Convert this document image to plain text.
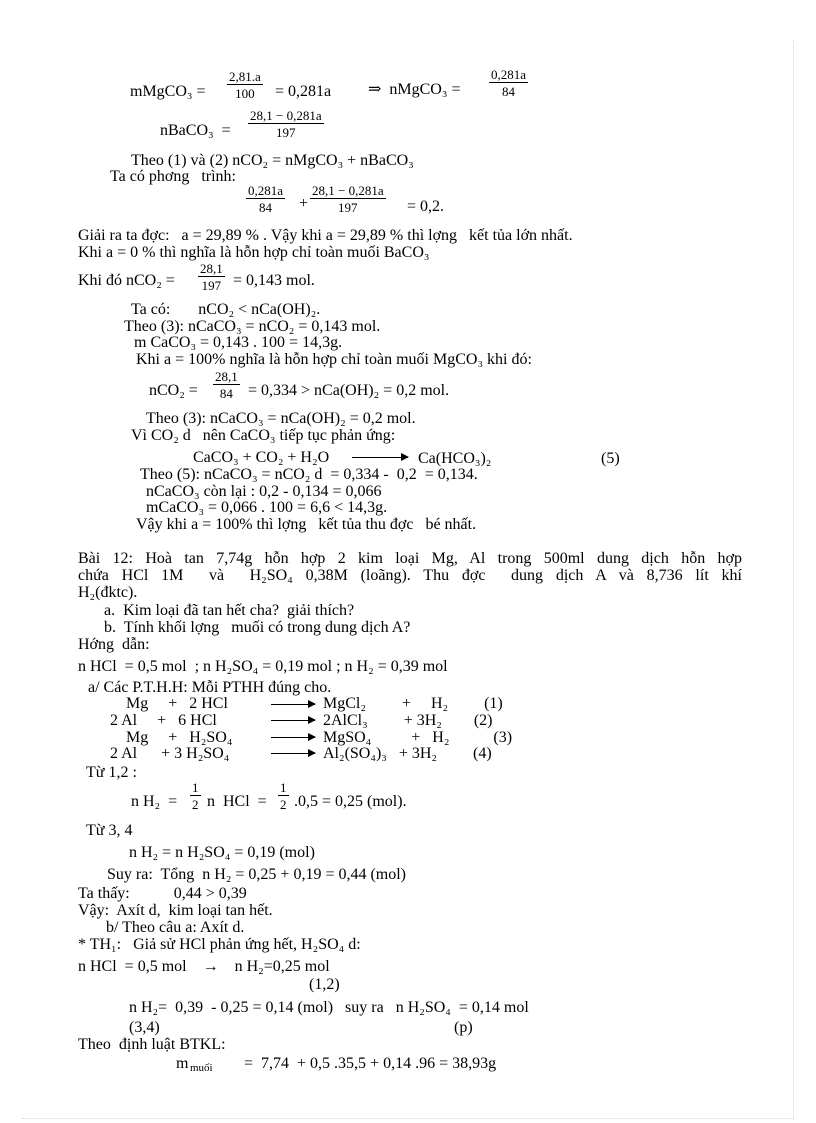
mMgCO₃ = $\frac{2,81.a}{100} = 0,281a$ ⇒  nMgCO₃ = $\frac{0,281a}{84}$
nBaCO₃  = $\frac{28,1 - 0,281a}{197}$
Theo (1) và (2) nCO₂ = nMgCO₃ + nBaCO₃
Ta có phơng   trình:
$\frac{0,281a}{84} + \frac{28,1 - 0,281a}{197} = 0,2$.
Giải ra ta đợc:   a = 29,89 % . Vậy khi a = 29,89 % thì lợng   kết tủa lớn nhất.
Khi a = 0 % thì nghĩa là hỗn hợp chỉ toàn muối BaCO₃
Khi đó $nCO_2 = \frac{28,1}{197} = 0,143$ mol.
Ta có:       nCO₂ < nCa(OH)₂.
Theo (3): nCaCO₃ = nCO₂ = 0,143 mol.
m CaCO₃ = 0,143 . 100 = 14,3g.
Khi a = 100% nghĩa là hỗn hợp chỉ toàn muối MgCO₃ khi đó:
$nCO_2 = \frac{28,1}{84} = 0,334 > nCa(OH)_2 = 0,2$ mol.
Theo (3): nCaCO₃ = nCa(OH)₂ = 0,2 mol.
Vì CO₂ d   nên CaCO₃ tiếp tục phản ứng:
CaCO₃ + CO₂ + H₂O	Ca(HCO₃)₂	(5)
Theo (5): nCaCO₃ = nCO₂ d  = 0,334 -  0,2  = 0,134.
nCaCO₃ còn lại : 0,2 - 0,134 = 0,066
mCaCO₃ = 0,066 . 100 = 6,6 < 14,3g.
Vậy khi a = 100% thì lợng   kết tủa thu đợc   bé nhất.
Bài 12: Hoà tan 7,74g hỗn hợp 2 kim loại Mg, Al trong 500ml dung dịch hỗn hợp
chứa HCl 1M  và  H₂SO₄ 0,38M (loãng). Thu đợc  dung dịch A và 8,736 lít khí
H₂(đktc).
a.  Kim loại đã tan hết cha?  giải thích?
b.  Tính khối lợng   muối có trong dung dịch A?
Hớng  dẫn:
n HCl  = 0,5 mol  ; n H₂SO₄ = 0,19 mol ; n H₂ = 0,39 mol
a/ Các P.T.H.H: Mỗi PTHH đúng cho.
Mg     +   2 HCl	MgCl₂         +     H₂         (1)
2 Al     +   6 HCl	2AlCl₃         + 3H₂        (2)
Mg     +   H₂SO₄	MgSO₄          +   H₂           (3)
2 Al      + 3 H₂SO₄	Al₂(SO₄)₃   + 3H₂         (4)
Từ 1,2 :
n $H_2 = \frac{1}{2}$ n  HCl  = $\frac{1}{2} .0,5 = 0,25$ (mol).
Từ 3, 4
n H₂ = n H₂SO₄ = 0,19 (mol)
Suy ra:  Tổng  n H₂ = 0,25 + 0,19 = 0,44 (mol)
Ta thấy:           0,44 > 0,39
Vậy:  Axít d,  kim loại tan hết.
b/ Theo câu a: Axít d.
* TH₁:   Giả sử HCl phản ứng hết, H₂SO₄ d:
n HCl  = 0,5 mol    →    n H₂=0,25 mol
(1,2)
n H₂=  0,39  - 0,25 = 0,14 (mol)   suy ra   n H₂SO₄  = 0,14 mol
(3,4)	(p)
Theo  định luật BTKL:
m muối =  7,74  + 0,5 .35,5 + 0,14 .96 = 38,93g
